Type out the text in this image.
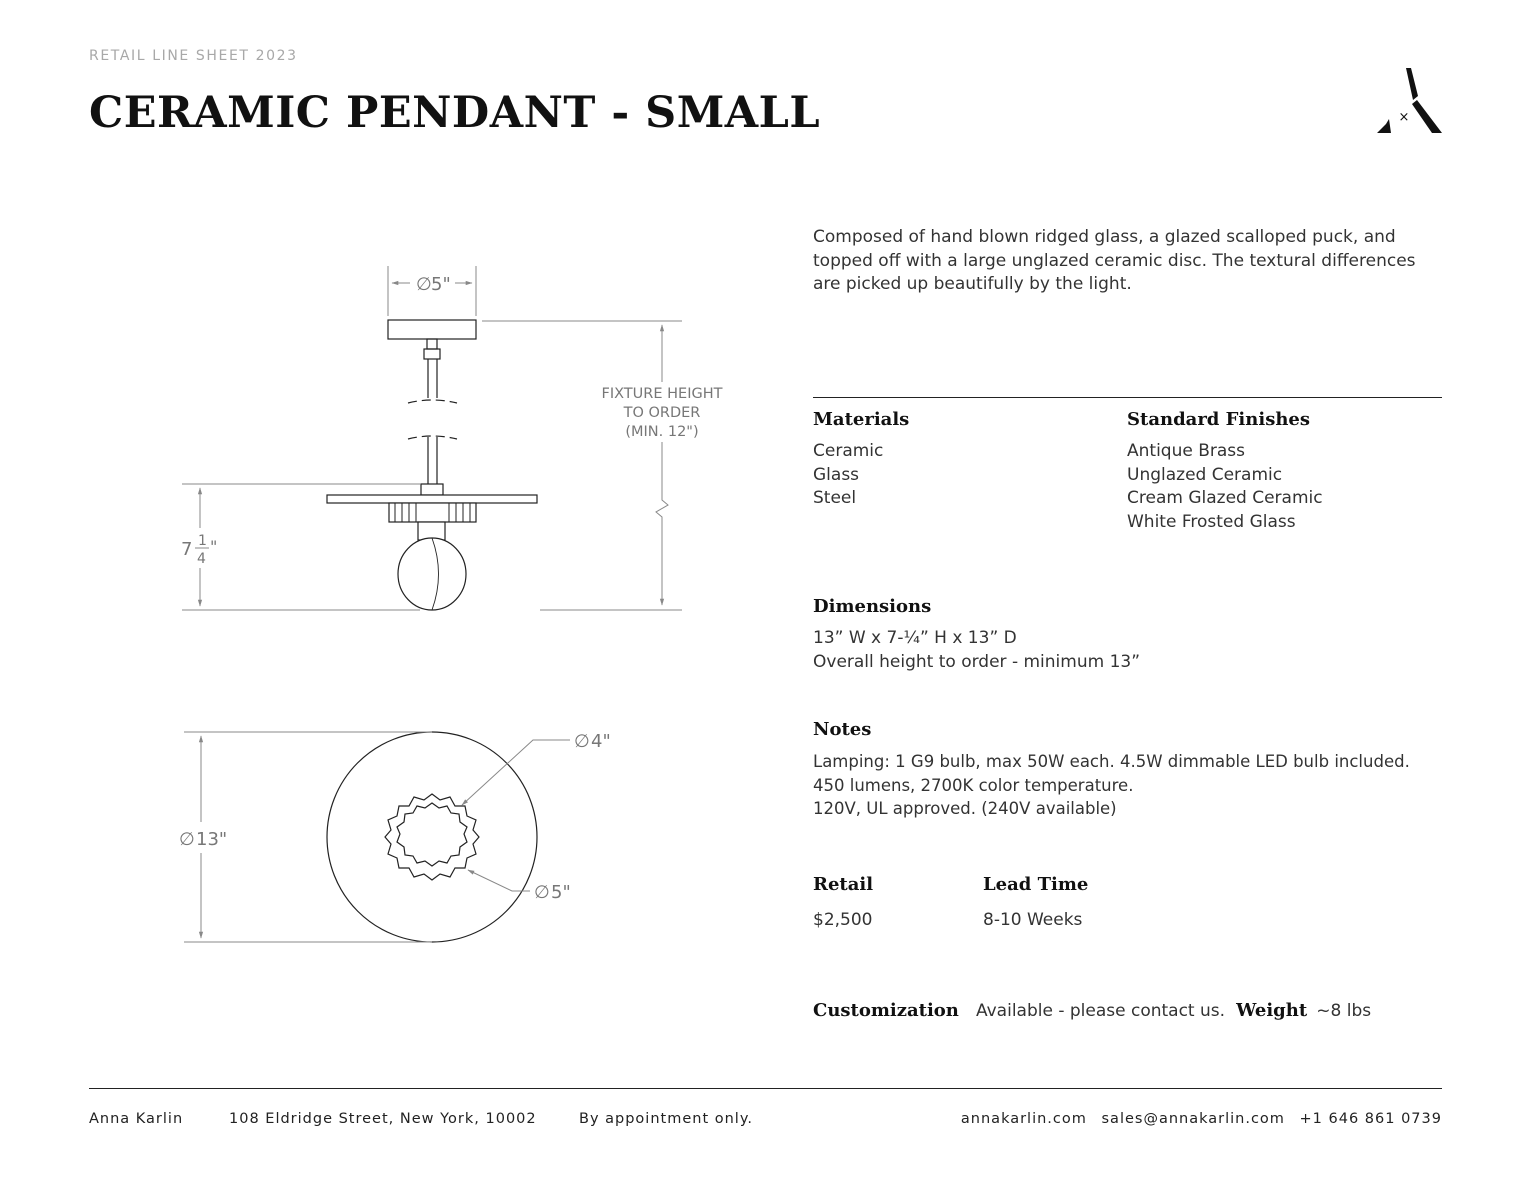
RETAIL LINE SHEET 2023
CERAMIC PENDANT - SMALL	×
∅ 5"
FIXTURE HEIGHT
TO ORDER
(MIN. 12")
7 1
4
"
∅ 13"
∅ 4"
∅ 5"
Composed of hand blown ridged glass, a glazed scalloped puck, and topped off with a large unglazed ceramic disc. The textural differences are picked up beautifully by the light.
Materials
Ceramic
Glass
Steel
Standard Finishes
Antique Brass
Unglazed Ceramic
Cream Glazed Ceramic
White Frosted Glass
Dimensions
13” W x 7-¼” H x 13” D
Overall height to order - minimum 13”
Notes
Lamping: 1 G9 bulb, max 50W each. 4.5W dimmable LED bulb included.
450 lumens, 2700K color temperature.
120V, UL approved. (240V available)
Retail
$2,500
Lead Time
8-10 Weeks
Customization Available - please contact us. Weight ~8 lbs
Anna Karlin	108 Eldridge Street, New York, 10002	By appointment only.	annakarlin.com sales@annakarlin.com +1 646 861 0739
